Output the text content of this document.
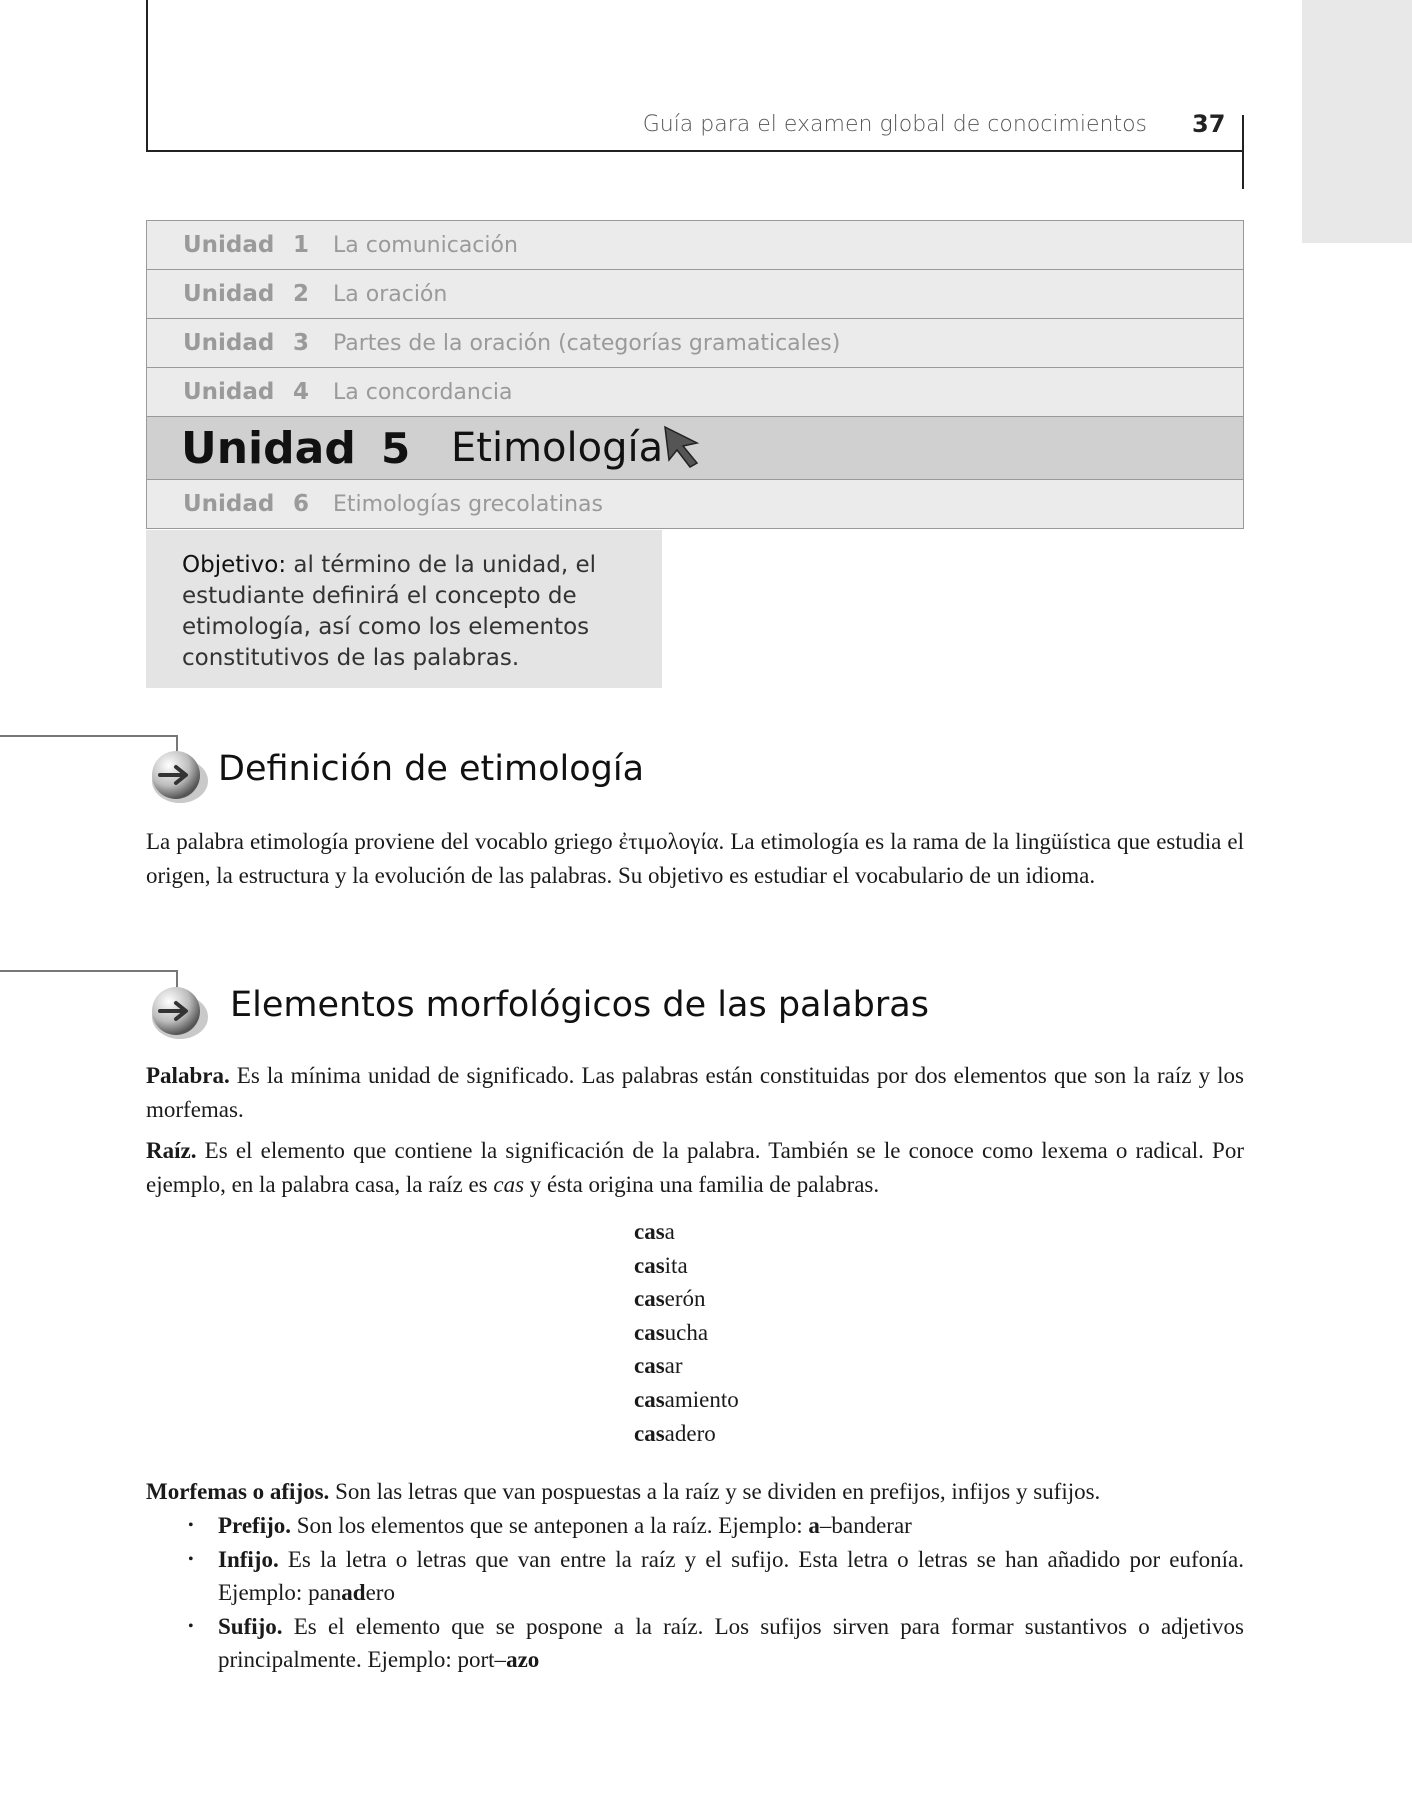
Guía para el examen global de conocimientos 37
Unidad 1 La comunicación
Unidad 2 La oración
Unidad 3 Partes de la oración (categorías gramaticales)
Unidad 4 La concordancia
Unidad 5 Etimología
Unidad 6 Etimologías grecolatinas
Objetivo: al término de la unidad, el estudiante definirá el concepto de etimología, así como los elementos constitutivos de las palabras.
Definición de etimología
La palabra etimología proviene del vocablo griego ἐτιμολογία. La etimología es la rama de la lingüística que estudia el origen, la estructura y la evolución de las palabras. Su objetivo es estudiar el vocabulario de un idioma.
Elementos morfológicos de las palabras
Palabra. Es la mínima unidad de significado. Las palabras están constituidas por dos elementos que son la raíz y los morfemas.
Raíz. Es el elemento que contiene la significación de la palabra. También se le conoce como lexema o radical. Por ejemplo, en la palabra casa, la raíz es cas y ésta origina una familia de palabras.
casa
casita
caserón
casucha
casar
casamiento
casadero
Morfemas o afijos. Son las letras que van pospuestas a la raíz y se dividen en prefijos, infijos y sufijos.
• Prefijo. Son los elementos que se anteponen a la raíz. Ejemplo: a–banderar
• Infijo. Es la letra o letras que van entre la raíz y el sufijo. Esta letra o letras se han añadido por eufonía. Ejemplo: panadero
• Sufijo. Es el elemento que se pospone a la raíz. Los sufijos sirven para formar sustantivos o adjetivos principalmente. Ejemplo: port–azo
